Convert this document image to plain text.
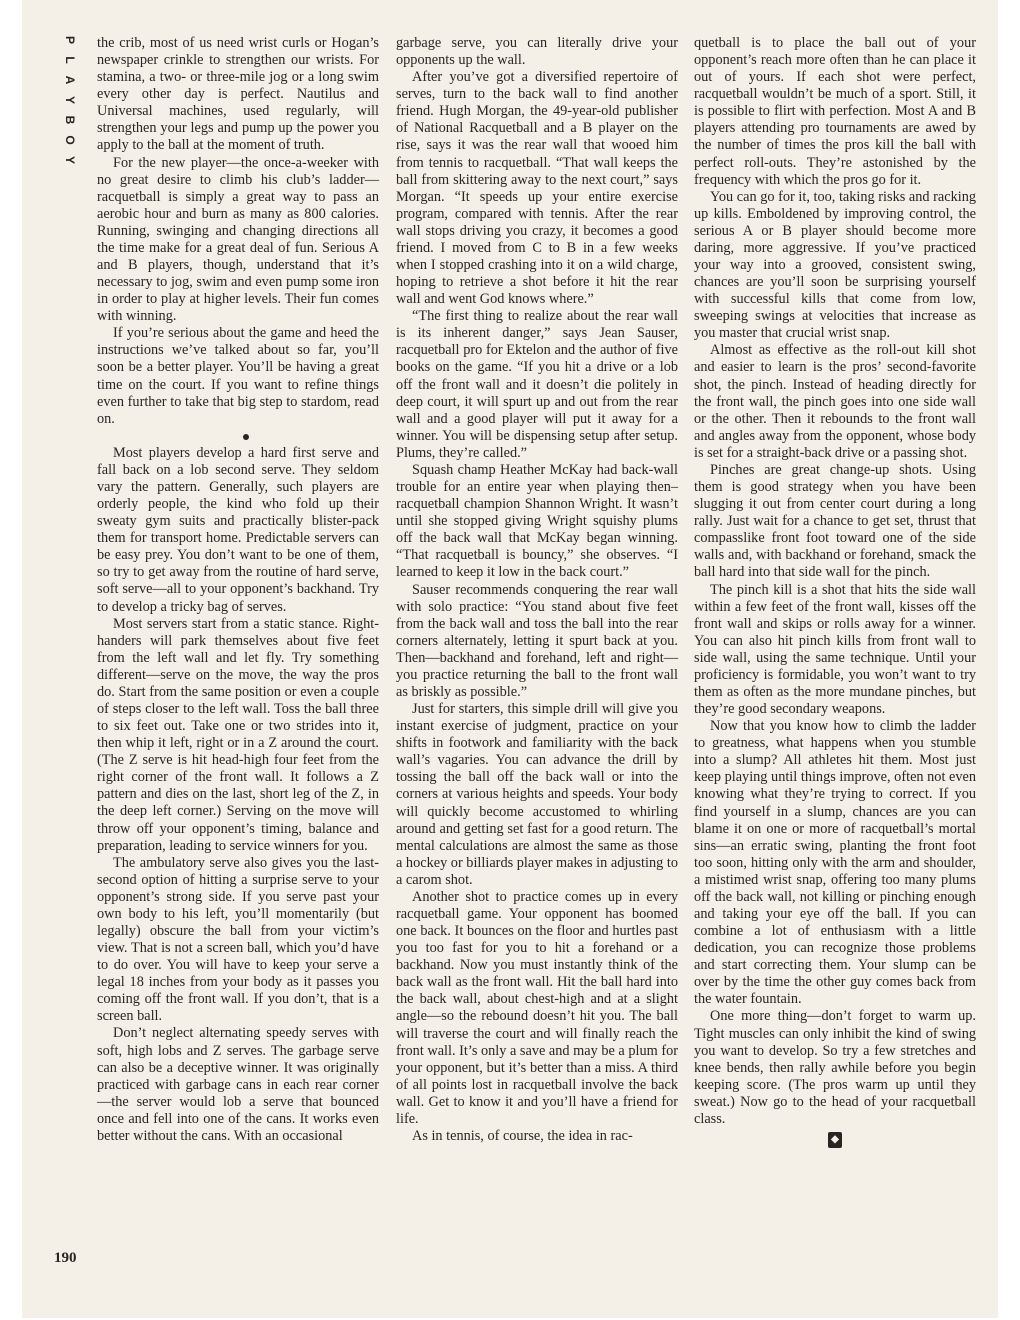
P
L
A
Y
B
O
Y

the crib, most of us need wrist curls or Hogan’s newspaper crinkle to strengthen our wrists. For stamina, a two- or three-mile jog or a long swim every other day is perfect. Nautilus and Universal machines, used regularly, will strengthen your legs and pump up the power you apply to the ball at the moment of truth.

For the new player—the once-a-weeker with no great desire to climb his club’s ladder—racquetball is simply a great way to pass an aerobic hour and burn as many as 800 calories. Running, swinging and changing directions all the time make for a great deal of fun. Serious A and B players, though, understand that it’s necessary to jog, swim and even pump some iron in order to play at higher levels. Their fun comes with winning.

If you’re serious about the game and heed the instructions we’ve talked about so far, you’ll soon be a better player. You’ll be having a great time on the court. If you want to refine things even further to take that big step to stardom, read on.

Most players develop a hard first serve and fall back on a lob second serve. They seldom vary the pattern. Generally, such players are orderly people, the kind who fold up their sweaty gym suits and practically blister-pack them for transport home. Predictable servers can be easy prey. You don’t want to be one of them, so try to get away from the routine of hard serve, soft serve—all to your opponent’s backhand. Try to develop a tricky bag of serves.

Most servers start from a static stance. Right-handers will park themselves about five feet from the left wall and let fly. Try something different—serve on the move, the way the pros do. Start from the same position or even a couple of steps closer to the left wall. Toss the ball three to six feet out. Take one or two strides into it, then whip it left, right or in a Z around the court. (The Z serve is hit head-high four feet from the right corner of the front wall. It follows a Z pattern and dies on the last, short leg of the Z, in the deep left corner.) Serving on the move will throw off your opponent’s timing, balance and preparation, leading to service winners for you.

The ambulatory serve also gives you the last-second option of hitting a surprise serve to your opponent’s strong side. If you serve past your own body to his left, you’ll momentarily (but legally) obscure the ball from your victim’s view. That is not a screen ball, which you’d have to do over. You will have to keep your serve a legal 18 inches from your body as it passes you coming off the front wall. If you don’t, that is a screen ball.

Don’t neglect alternating speedy serves with soft, high lobs and Z serves. The garbage serve can also be a deceptive winner. It was originally practiced with garbage cans in each rear corner—the server would lob a serve that bounced once and fell into one of the cans. It works even better without the cans. With an occasional

garbage serve, you can literally drive your opponents up the wall.

After you’ve got a diversified repertoire of serves, turn to the back wall to find another friend. Hugh Morgan, the 49-year-old publisher of National Racquetball and a B player on the rise, says it was the rear wall that wooed him from tennis to racquetball. “That wall keeps the ball from skittering away to the next court,” says Morgan. “It speeds up your entire exercise program, compared with tennis. After the rear wall stops driving you crazy, it becomes a good friend. I moved from C to B in a few weeks when I stopped crashing into it on a wild charge, hoping to retrieve a shot before it hit the rear wall and went God knows where.”

“The first thing to realize about the rear wall is its inherent danger,” says Jean Sauser, racquetball pro for Ektelon and the author of five books on the game. “If you hit a drive or a lob off the front wall and it doesn’t die politely in deep court, it will spurt up and out from the rear wall and a good player will put it away for a winner. You will be dispensing setup after setup. Plums, they’re called.”

Squash champ Heather McKay had back-wall trouble for an entire year when playing then–racquetball champion Shannon Wright. It wasn’t until she stopped giving Wright squishy plums off the back wall that McKay began winning. “That racquetball is bouncy,” she observes. “I learned to keep it low in the back court.”

Sauser recommends conquering the rear wall with solo practice: “You stand about five feet from the back wall and toss the ball into the rear corners alternately, letting it spurt back at you. Then—backhand and forehand, left and right—you practice returning the ball to the front wall as briskly as possible.”

Just for starters, this simple drill will give you instant exercise of judgment, practice on your shifts in footwork and familiarity with the back wall’s vagaries. You can advance the drill by tossing the ball off the back wall or into the corners at various heights and speeds. Your body will quickly become accustomed to whirling around and getting set fast for a good return. The mental calculations are almost the same as those a hockey or billiards player makes in adjusting to a carom shot.

Another shot to practice comes up in every racquetball game. Your opponent has boomed one back. It bounces on the floor and hurtles past you too fast for you to hit a forehand or a backhand. Now you must instantly think of the back wall as the front wall. Hit the ball hard into the back wall, about chest-high and at a slight angle—so the rebound doesn’t hit you. The ball will traverse the court and will finally reach the front wall. It’s only a save and may be a plum for your opponent, but it’s better than a miss. A third of all points lost in racquetball involve the back wall. Get to know it and you’ll have a friend for life.

As in tennis, of course, the idea in rac-

quetball is to place the ball out of your opponent’s reach more often than he can place it out of yours. If each shot were perfect, racquetball wouldn’t be much of a sport. Still, it is possible to flirt with perfection. Most A and B players attending pro tournaments are awed by the number of times the pros kill the ball with perfect roll-outs. They’re astonished by the frequency with which the pros go for it.

You can go for it, too, taking risks and racking up kills. Emboldened by improving control, the serious A or B player should become more daring, more aggressive. If you’ve practiced your way into a grooved, consistent swing, chances are you’ll soon be surprising yourself with successful kills that come from low, sweeping swings at velocities that increase as you master that crucial wrist snap.

Almost as effective as the roll-out kill shot and easier to learn is the pros’ second-favorite shot, the pinch. Instead of heading directly for the front wall, the pinch goes into one side wall or the other. Then it rebounds to the front wall and angles away from the opponent, whose body is set for a straight-back drive or a passing shot.

Pinches are great change-up shots. Using them is good strategy when you have been slugging it out from center court during a long rally. Just wait for a chance to get set, thrust that compasslike front foot toward one of the side walls and, with backhand or forehand, smack the ball hard into that side wall for the pinch.

The pinch kill is a shot that hits the side wall within a few feet of the front wall, kisses off the front wall and skips or rolls away for a winner. You can also hit pinch kills from front wall to side wall, using the same technique. Until your proficiency is formidable, you won’t want to try them as often as the more mundane pinches, but they’re good secondary weapons.

Now that you know how to climb the ladder to greatness, what happens when you stumble into a slump? All athletes hit them. Most just keep playing until things improve, often not even knowing what they’re trying to correct. If you find yourself in a slump, chances are you can blame it on one or more of racquetball’s mortal sins—an erratic swing, planting the front foot too soon, hitting only with the arm and shoulder, a mistimed wrist snap, offering too many plums off the back wall, not killing or pinching enough and taking your eye off the ball. If you can combine a lot of enthusiasm with a little dedication, you can recognize those problems and start correcting them. Your slump can be over by the time the other guy comes back from the water fountain.

One more thing—don’t forget to warm up. Tight muscles can only inhibit the kind of swing you want to develop. So try a few stretches and knee bends, then rally awhile before you begin keeping score. (The pros warm up until they sweat.) Now go to the head of your racquetball class.

◆
190
